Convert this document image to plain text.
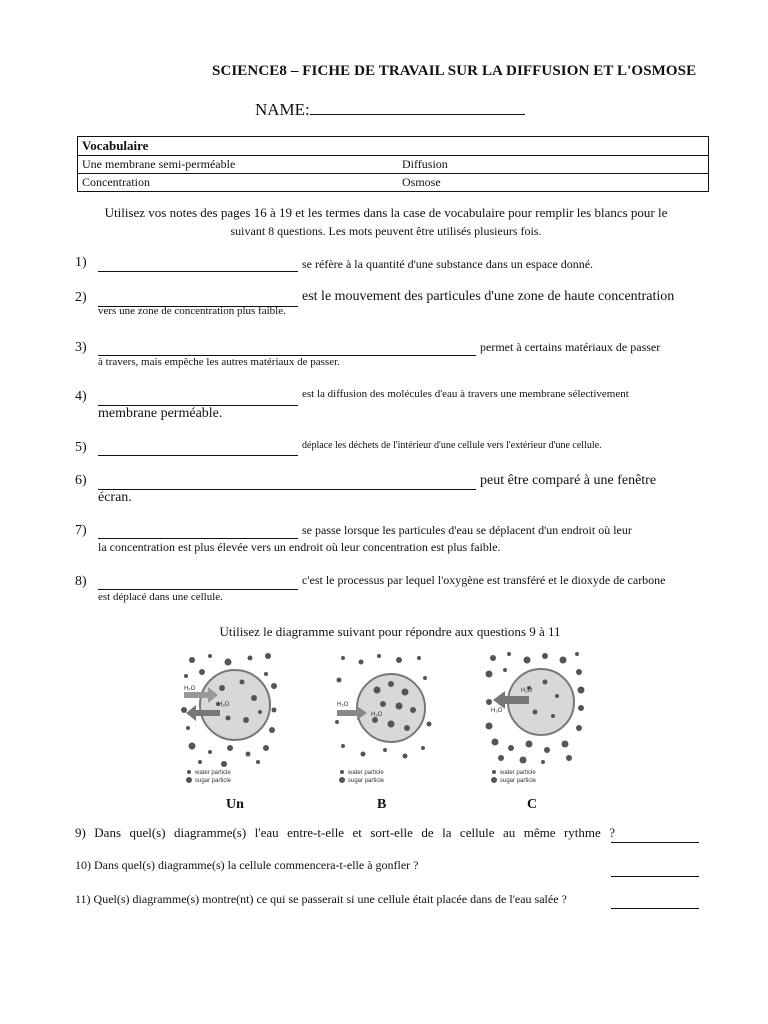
SCIENCE8 – FICHE DE TRAVAIL SUR LA DIFFUSION ET L'OSMOSE
NAME:
Vocabulaire
Une membrane semi-perméable	Diffusion
Concentration	Osmose
Utilisez vos notes des pages 16 à 19 et les termes dans la case de vocabulaire pour remplir les blancs pour le
suivant 8 questions. Les mots peuvent être utilisés plusieurs fois.
1)	se réfère à la quantité d'une substance dans un espace donné.
2)	est le mouvement des particules d'une zone de haute concentration
vers une zone de concentration plus faible.
3)	permet à certains matériaux de passer
à travers, mais empêche les autres matériaux de passer.
4)	est la diffusion des molécules d'eau à travers une membrane sélectivement
membrane perméable.
5)	déplace les déchets de l'intérieur d'une cellule vers l'extérieur d'une cellule.
6)	peut être comparé à une fenêtre
écran.
7)	se passe lorsque les particules d'eau se déplacent d'un endroit où leur
la concentration est plus élevée vers un endroit où leur concentration est plus faible.
8)	c'est le processus par lequel l'oxygène est transféré et le dioxyde de carbone
est déplacé dans une cellule.
Utilisez le diagramme suivant pour répondre aux questions 9 à 11
H₂O
H₂O
water particle
sugar particle
H₂O
H₂O
water particle
sugar particle
H₂O
H₂O
water particle
sugar particle
Un	B	C
9) Dans quel(s) diagramme(s) l'eau entre-t-elle et sort-elle de la cellule au même rythme ?
10) Dans quel(s) diagramme(s) la cellule commencera-t-elle à gonfler ?
11) Quel(s) diagramme(s) montre(nt) ce qui se passerait si une cellule était placée dans de l'eau salée ?
